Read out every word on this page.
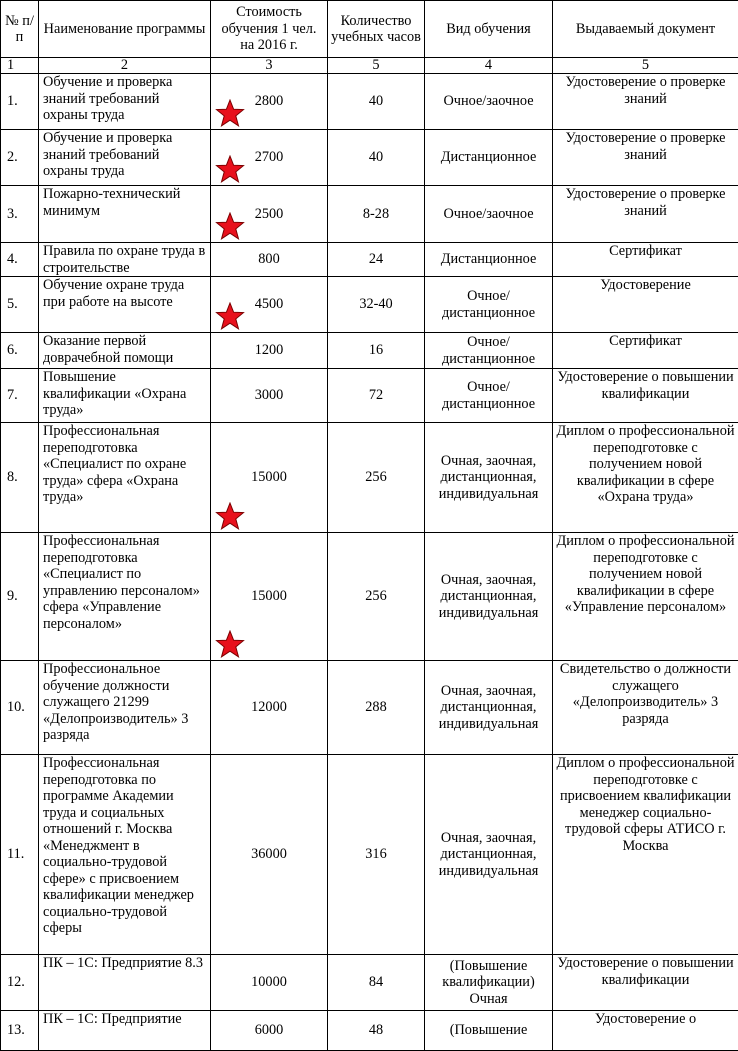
№ п/п	Наименование программы	Стоимость обучения 1 чел. на 2016 г.	Количество учебных часов	Вид обучения	Выдаваемый документ
1	2	3	5	4	5
1.	Обучение и проверка знаний требований охраны труда	2800	40	Очное/заочное	Удостоверение о проверке знаний
2.	Обучение и проверка знаний требований охраны труда	2700	40	Дистанционное	Удостоверение о проверке знаний
3.	Пожарно-технический минимум	2500	8-28	Очное/заочное	Удостоверение о проверке знаний
4.	Правила по охране труда в строительстве	800	24	Дистанционное	Сертификат
5.	Обучение охране труда при работе на высоте	4500	32-40	Очное/дистанционное	Удостоверение
6.	Оказание первой доврачебной помощи	1200	16	Очное/дистанционное	Сертификат
7.	Повышение квалификации «Охрана труда»	3000	72	Очное/дистанционное	Удостоверение о повышении квалификации
8.	Профессиональная переподготовка «Специалист по охране труда» сфера «Охрана труда»	15000	256	Очная, заочная, дистанционная, индивидуальная	Диплом о профессиональной переподготовке с получением новой квалификации в сфере «Охрана труда»
9.	Профессиональная переподготовка «Специалист по управлению персоналом» сфера «Управление персоналом»	15000	256	Очная, заочная, дистанционная, индивидуальная	Диплом о профессиональной переподготовке с получением новой квалификации в сфере «Управление персоналом»
10.	Профессиональное обучение должности служащего 21299 «Делопроизводитель» 3 разряда	12000	288	Очная, заочная, дистанционная, индивидуальная	Свидетельство о должности служащего «Делопроизводитель» 3 разряда
11.	Профессиональная переподготовка по программе Академии труда и социальных отношений г. Москва «Менеджмент в социально-трудовой сфере» с присвоением квалификации менеджер социально-трудовой сферы	36000	316	Очная, заочная, дистанционная, индивидуальная	Диплом о профессиональной переподготовке с присвоением квалификации менеджер социально-трудовой сферы АТИСО г. Москва
12.	ПК – 1С: Предприятие 8.3	10000	84	(Повышение квалификации) Очная	Удостоверение о повышении квалификации
13.	ПК – 1С: Предприятие	6000	48	(Повышение	Удостоверение о
